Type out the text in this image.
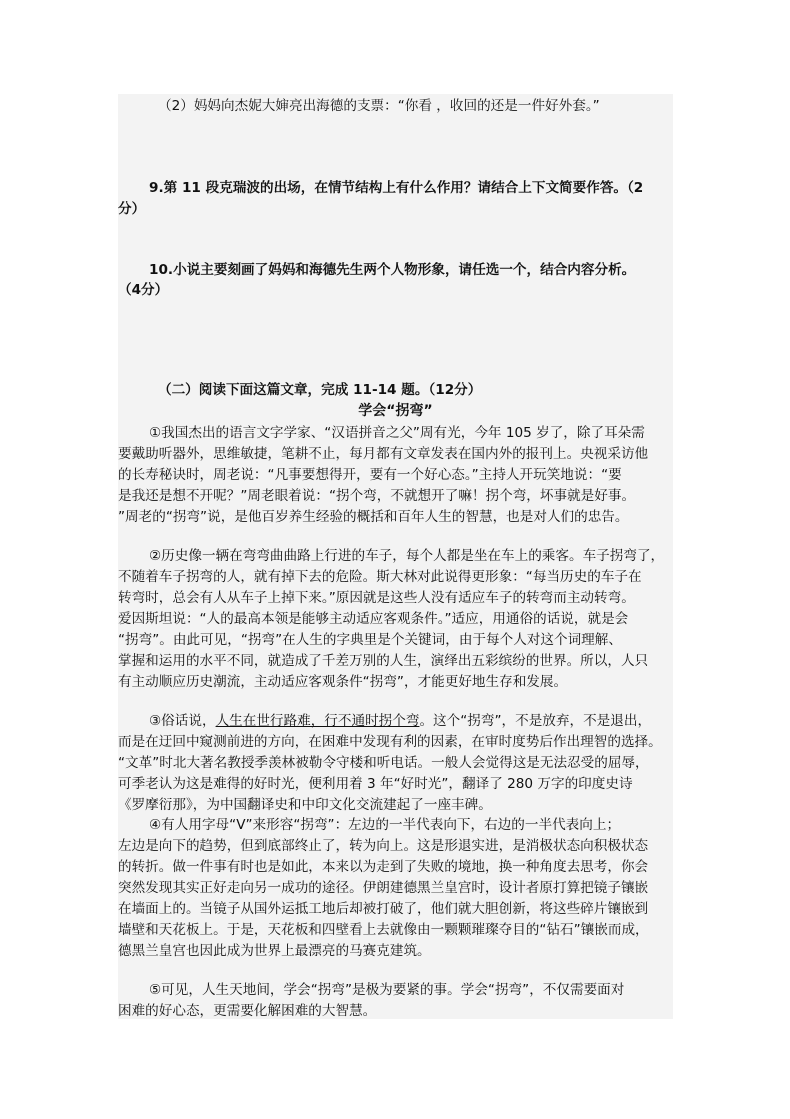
（2）妈妈向杰妮大婶亮出海德的支票：“你看 ，收回的还是一件好外套。”
9.第 11 段克瑞波的出场，在情节结构上有什么作用？请结合上下文简要作答。（2
分）
10.小说主要刻画了妈妈和海德先生两个人物形象，请任选一个，结合内容分析。
（4分）
（二）阅读下面这篇文章，完成 11-14 题。（12分）
学会“拐弯”
①我国杰出的语言文字学家、“汉语拼音之父”周有光，今年 105 岁了，除了耳朵需
要戴助听器外，思维敏捷，笔耕不止，每月都有文章发表在国内外的报刊上。央视采访他
的长寿秘诀时，周老说：“凡事要想得开，要有一个好心态。”主持人开玩笑地说：“要
是我还是想不开呢？”周老眼着说：“拐个弯，不就想开了嘛！拐个弯，坏事就是好事。
”周老的“拐弯”说，是他百岁养生经验的概括和百年人生的智慧，也是对人们的忠告。
②历史像一辆在弯弯曲曲路上行进的车子，每个人都是坐在车上的乘客。车子拐弯了，
不随着车子拐弯的人，就有掉下去的危险。斯大林对此说得更形象：“每当历史的车子在
转弯时，总会有人从车子上掉下来。”原因就是这些人没有适应车子的转弯而主动转弯。
爱因斯坦说：“人的最高本领是能够主动适应客观条件。”适应，用通俗的话说，就是会
“拐弯”。由此可见，“拐弯”在人生的字典里是个关键词，由于每个人对这个词理解、
掌握和运用的水平不同，就造成了千差万别的人生，演绎出五彩缤纷的世界。所以，人只
有主动顺应历史潮流，主动适应客观条件“拐弯”，才能更好地生存和发展。
③俗话说，人生在世行路难，行不通时拐个弯。这个“拐弯”，不是放弃，不是退出，
而是在迂回中窥测前进的方向，在困难中发现有利的因素，在审时度势后作出理智的选择。
“文革”时北大著名教授季羡林被勒令守楼和听电话。一般人会觉得这是无法忍受的屈辱，
可季老认为这是难得的好时光，便利用着 3 年“好时光”，翻译了 280 万字的印度史诗
《罗摩衍那》，为中国翻译史和中印文化交流建起了一座丰碑。
④有人用字母“V”来形容“拐弯”：左边的一半代表向下，右边的一半代表向上；
左边是向下的趋势，但到底部终止了，转为向上。这是形退实进，是消极状态向积极状态
的转折。做一件事有时也是如此，本来以为走到了失败的境地，换一种角度去思考，你会
突然发现其实正好走向另一成功的途径。伊朗建德黑兰皇宫时，设计者原打算把镜子镶嵌
在墙面上的。当镜子从国外运抵工地后却被打破了，他们就大胆创新，将这些碎片镶嵌到
墙壁和天花板上。于是，天花板和四壁看上去就像由一颗颗璀璨夺目的“钻石”镶嵌而成，
德黑兰皇宫也因此成为世界上最漂亮的马赛克建筑。
⑤可见，人生天地间，学会“拐弯”是极为要紧的事。学会“拐弯”，不仅需要面对
困难的好心态，更需要化解困难的大智慧。
